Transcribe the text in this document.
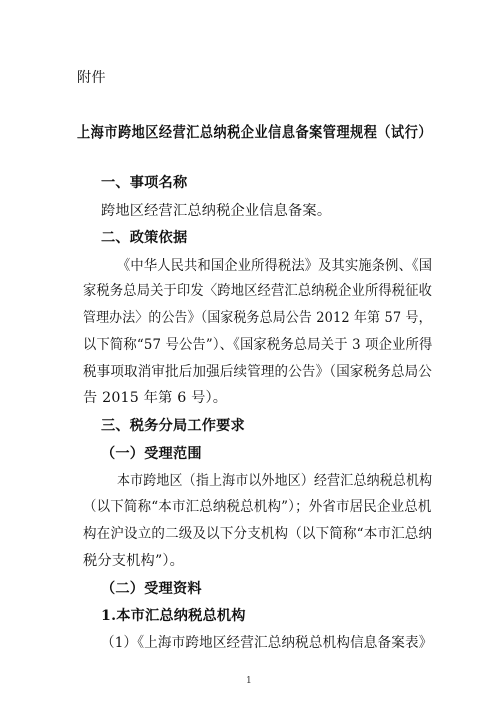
附件
上海市跨地区经营汇总纳税企业信息备案管理规程（试行）
一、事项名称
跨地区经营汇总纳税企业信息备案。
二、政策依据
《中华人民共和国企业所得税法》及其实施条例、《国
家税务总局关于印发〈跨地区经营汇总纳税企业所得税征收
管理办法〉的公告》（国家税务总局公告 2012 年第 57 号，
以下简称“57 号公告”）、《国家税务总局关于 3 项企业所得
税事项取消审批后加强后续管理的公告》（国家税务总局公
告 2015 年第 6 号）。
三、税务分局工作要求
（一）受理范围
本市跨地区（指上海市以外地区）经营汇总纳税总机构
（以下简称“本市汇总纳税总机构”）；外省市居民企业总机
构在沪设立的二级及以下分支机构（以下简称“本市汇总纳
税分支机构”）。
（二）受理资料
1.本市汇总纳税总机构
（1）《上海市跨地区经营汇总纳税总机构信息备案表》
1
